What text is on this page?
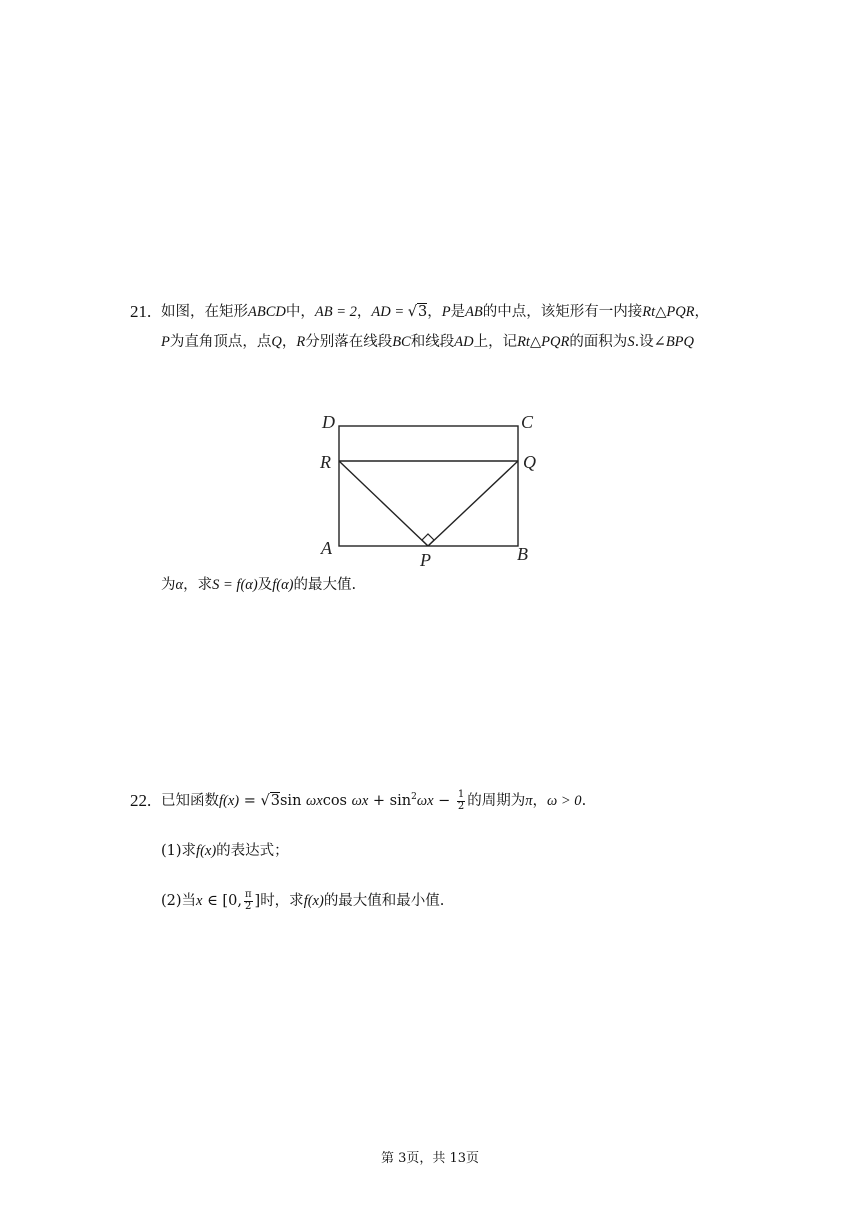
21. 如图，在矩形ABCD中，AB = 2，AD = √3，P是AB的中点，该矩形有一内接Rt△PQR，
P为直角顶点，点Q，R分别落在线段BC和线段AD上，记Rt△PQR的面积为S.设∠BPQ
D	C
R	Q
A
P	B
为α，求S = f(α)及f(α)的最大值.
22. 已知函数f(x) = √3sin ωxcos $\omega x + \sin^2\omega x - \frac{1}{2}$ 的周期为π，ω > 0.
(1)求f(x)的表达式；
(2)当x ∈ [0, $\frac{\pi}{2}$ ]时，求f(x)的最大值和最小值.
第 3页，共 13页
